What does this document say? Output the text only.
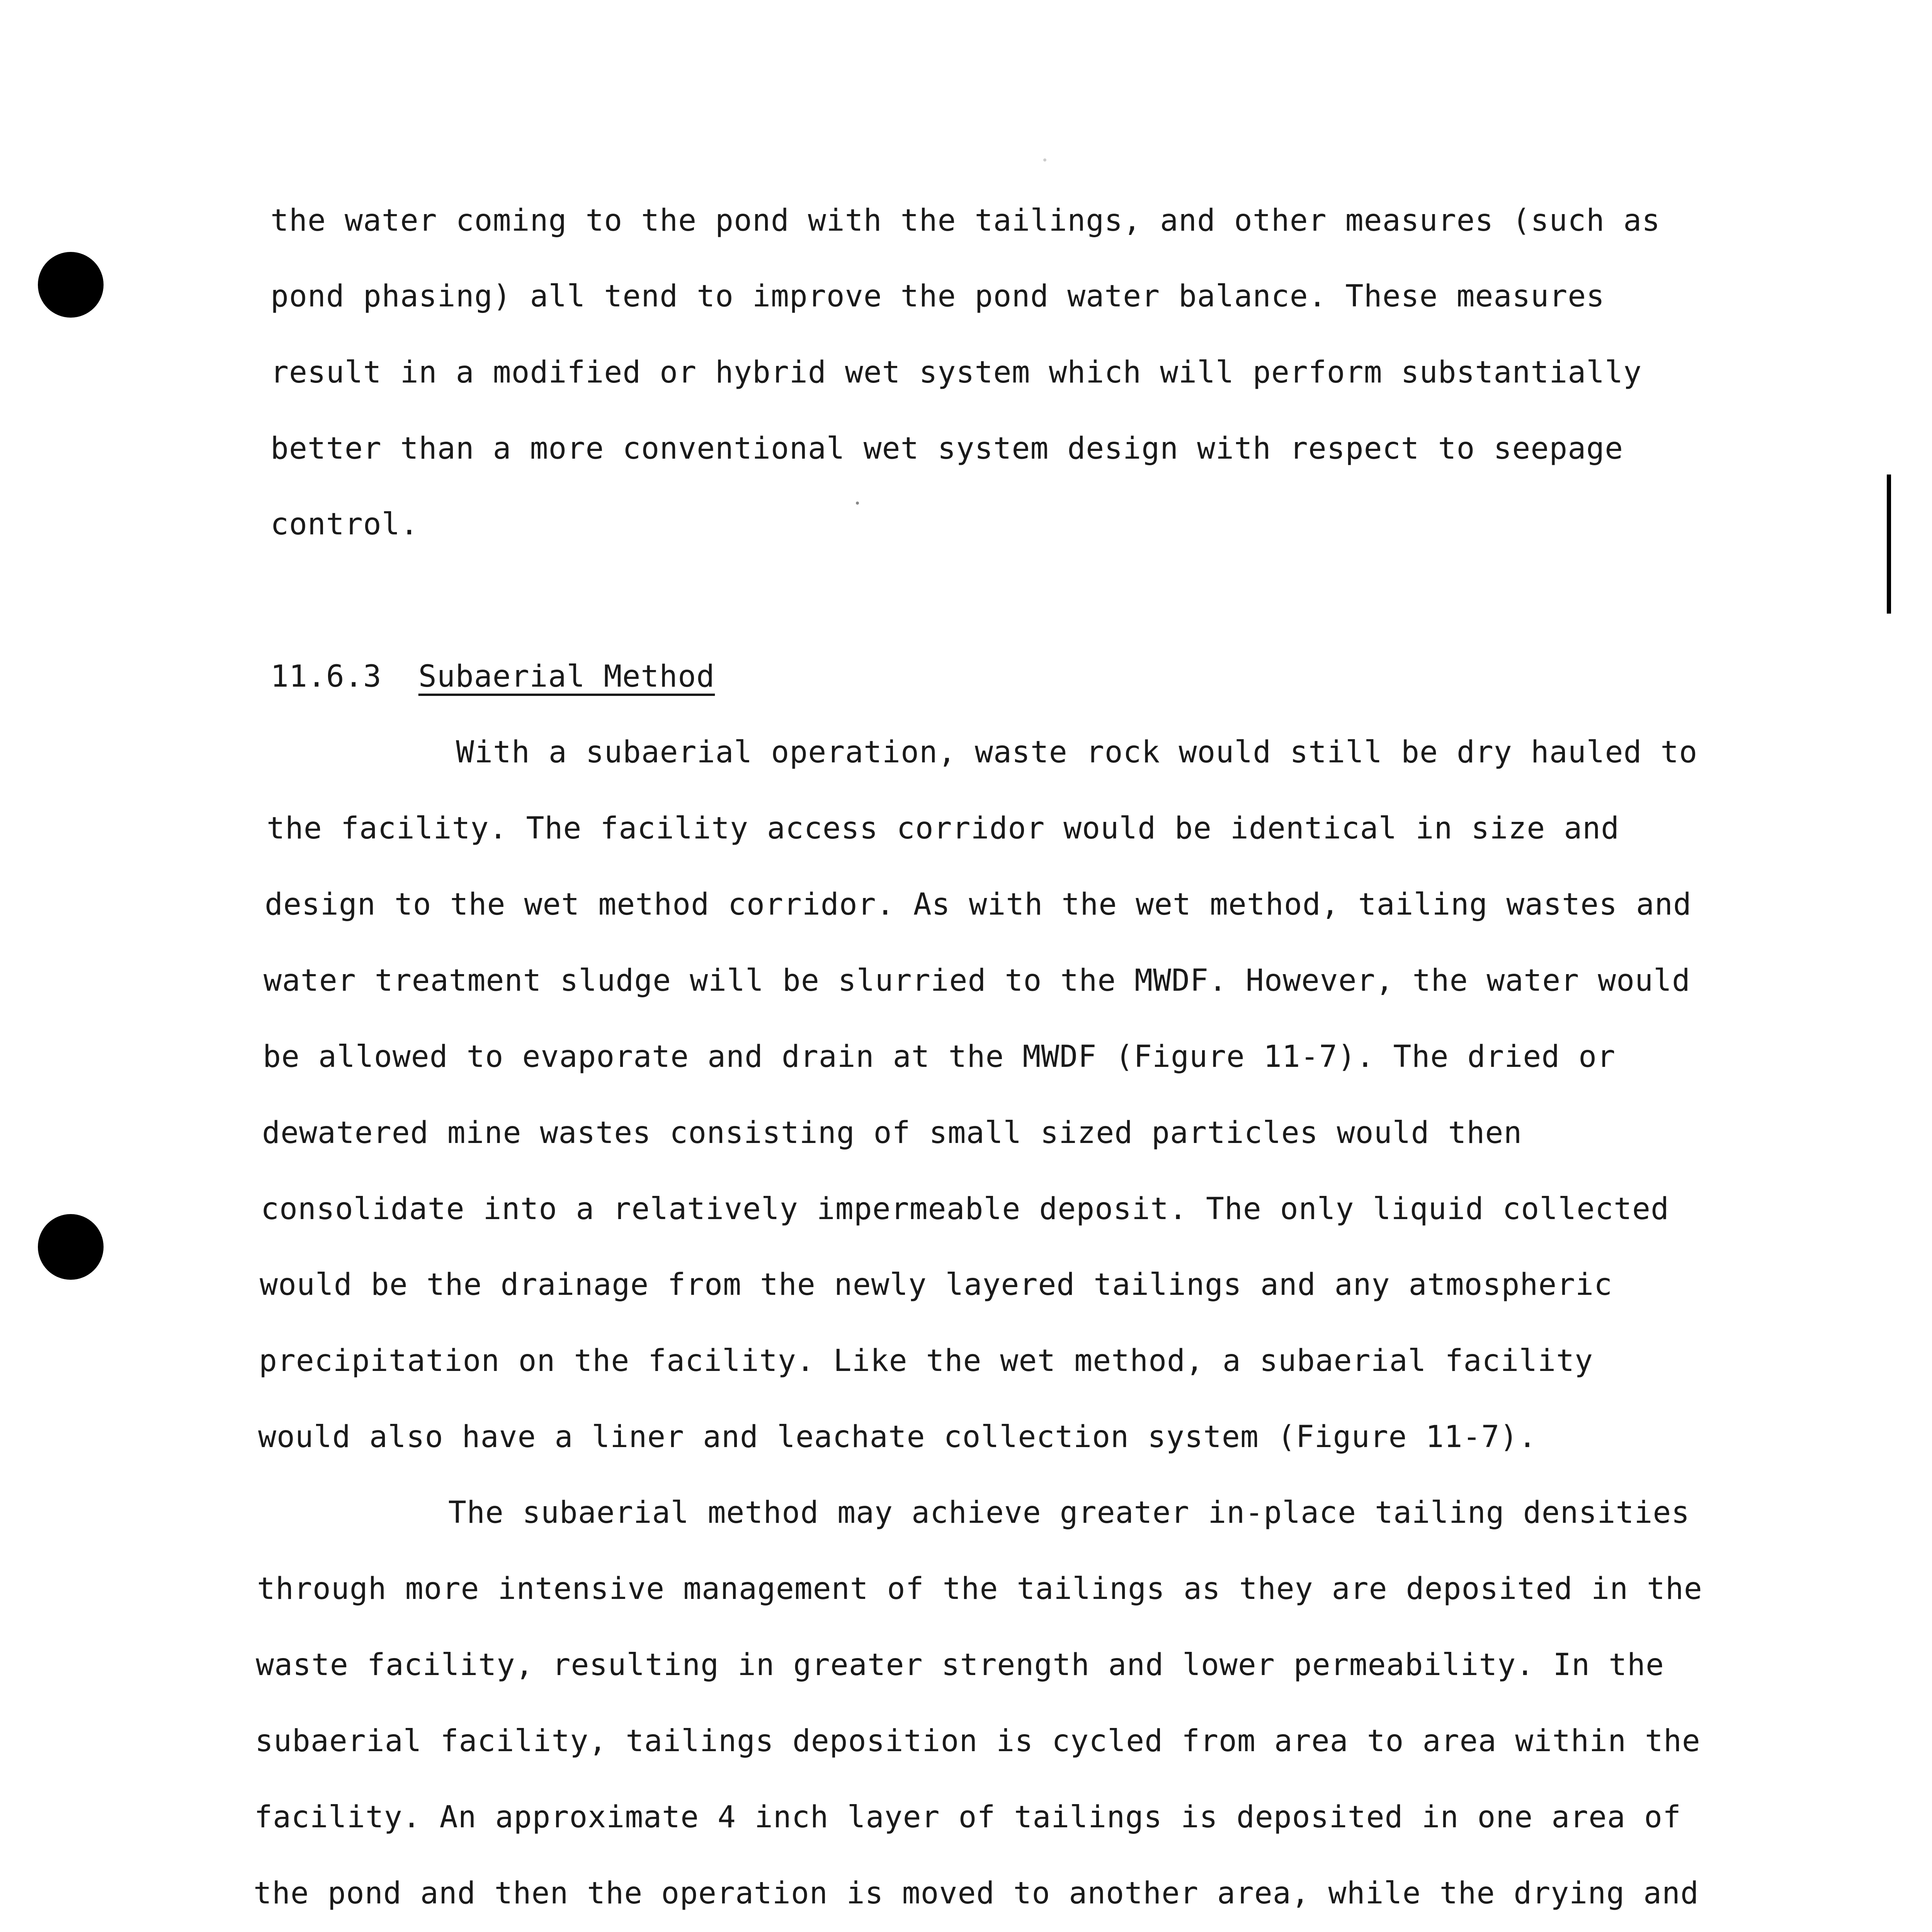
the water coming to the pond with the tailings, and other measures (such as
pond phasing) all tend to improve the pond water balance. These measures
result in a modified or hybrid wet system which will perform substantially
better than a more conventional wet system design with respect to seepage
control.
11.6.3 Subaerial Method
With a subaerial operation, waste rock would still be dry hauled to
the facility. The facility access corridor would be identical in size and
design to the wet method corridor. As with the wet method, tailing wastes and
water treatment sludge will be slurried to the MWDF. However, the water would
be allowed to evaporate and drain at the MWDF (Figure 11-7). The dried or
dewatered mine wastes consisting of small sized particles would then
consolidate into a relatively impermeable deposit. The only liquid collected
would be the drainage from the newly layered tailings and any atmospheric
precipitation on the facility. Like the wet method, a subaerial facility
would also have a liner and leachate collection system (Figure 11-7).
The subaerial method may achieve greater in-place tailing densities
through more intensive management of the tailings as they are deposited in the
waste facility, resulting in greater strength and lower permeability. In the
subaerial facility, tailings deposition is cycled from area to area within the
facility. An approximate 4 inch layer of tailings is deposited in one area of
the pond and then the operation is moved to another area, while the drying and
